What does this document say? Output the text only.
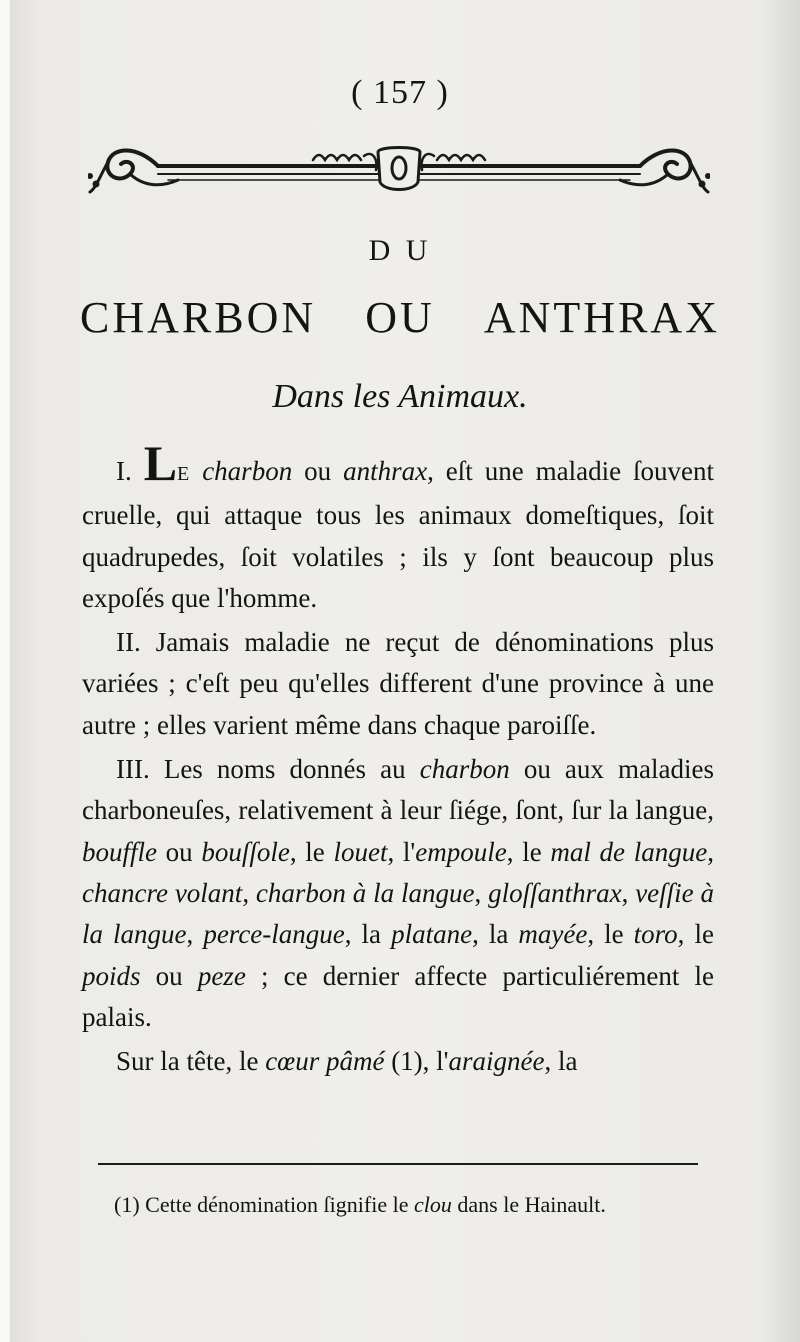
( 157 )
D U
CHARBON OU ANTHRAX
Dans les Animaux.

I. LE charbon ou anthrax, eſt une maladie ſouvent cruelle, qui attaque tous les animaux domeſtiques, ſoit quadrupedes, ſoit volatiles ; ils y ſont beaucoup plus expoſés que l'homme.

II. Jamais maladie ne reçut de dénominations plus variées ; c'eſt peu qu'elles different d'une province à une autre ; elles varient même dans chaque paroiſſe.

III. Les noms donnés au charbon ou aux maladies charboneuſes, relativement à leur ſiége, ſont, ſur la langue, bouffle ou bouſſole, le louet, l'empoule, le mal de langue, chancre volant, charbon à la langue, gloſſanthrax, veſſie à la langue, perce-langue, la platane, la mayée, le toro, le poids ou peze ; ce dernier affecte particuliérement le palais.

Sur la tête, le cœur pâmé (1), l'araignée, la

(1) Cette dénomination ſignifie le clou dans le Hainault.
